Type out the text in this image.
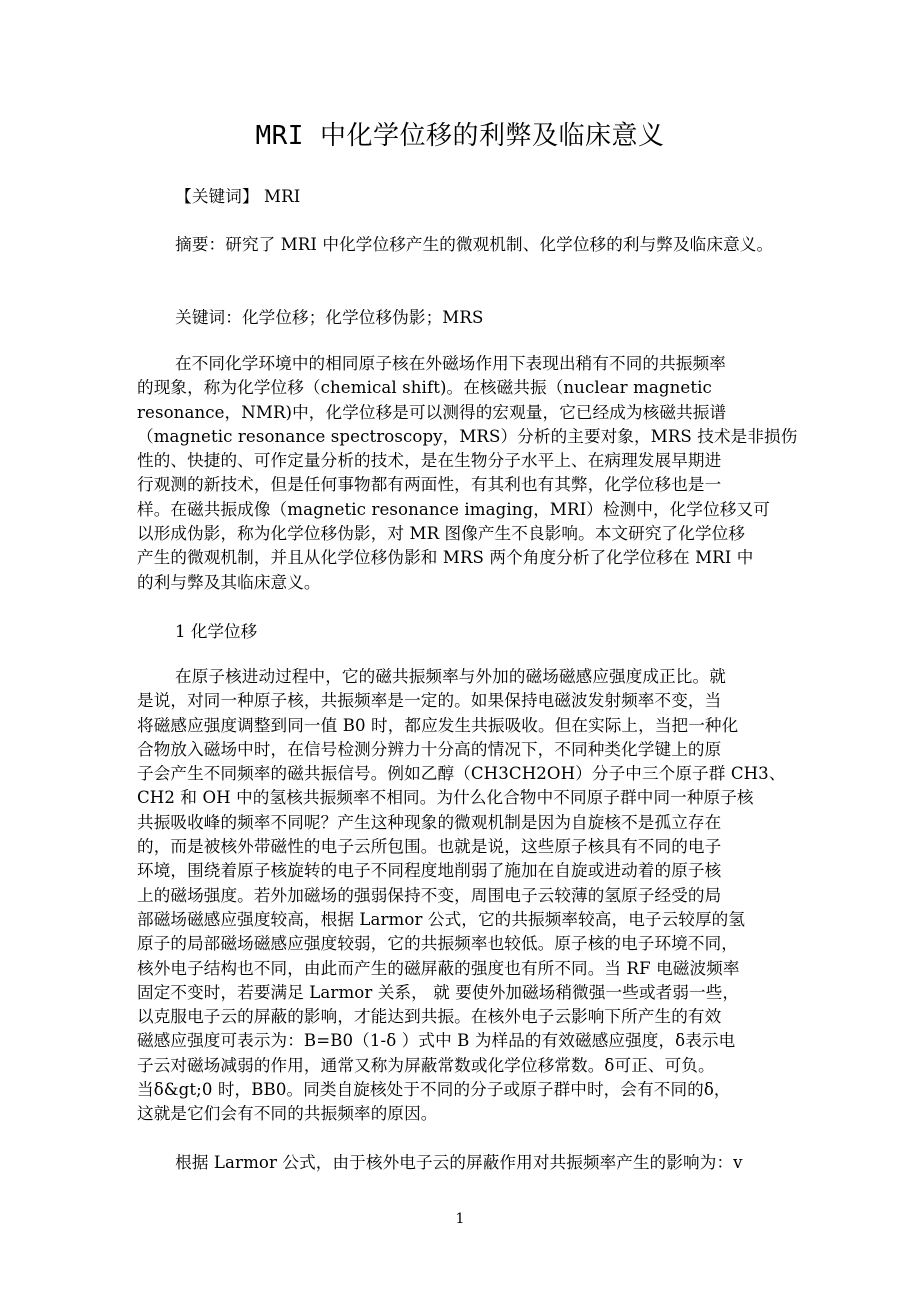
MRI 中化学位移的利弊及临床意义

【关键词】 MRI

摘要：研究了 MRI 中化学位移产生的微观机制、化学位移的利与弊及临床意义。

关键词：化学位移；化学位移伪影；MRS

在不同化学环境中的相同原子核在外磁场作用下表现出稍有不同的共振频率
的现象，称为化学位移（chemical shift)。在核磁共振（nuclear magnetic
resonance，NMR)中，化学位移是可以测得的宏观量，它已经成为核磁共振谱
（magnetic resonance spectroscopy，MRS）分析的主要对象，MRS 技术是非损伤
性的、快捷的、可作定量分析的技术，是在生物分子水平上、在病理发展早期进
行观测的新技术，但是任何事物都有两面性，有其利也有其弊，化学位移也是一
样。在磁共振成像（magnetic resonance imaging，MRI）检测中，化学位移又可
以形成伪影，称为化学位移伪影，对 MR 图像产生不良影响。本文研究了化学位移
产生的微观机制，并且从化学位移伪影和 MRS 两个角度分析了化学位移在 MRI 中
的利与弊及其临床意义。
1 化学位移
在原子核进动过程中，它的磁共振频率与外加的磁场磁感应强度成正比。就
是说，对同一种原子核，共振频率是一定的。如果保持电磁波发射频率不变，当
将磁感应强度调整到同一值 B0 时，都应发生共振吸收。但在实际上，当把一种化
合物放入磁场中时，在信号检测分辨力十分高的情况下，不同种类化学键上的原
子会产生不同频率的磁共振信号。例如乙醇（CH3CH2OH）分子中三个原子群 CH3、
CH2 和 OH 中的氢核共振频率不相同。为什么化合物中不同原子群中同一种原子核
共振吸收峰的频率不同呢？产生这种现象的微观机制是因为自旋核不是孤立存在
的，而是被核外带磁性的电子云所包围。也就是说，这些原子核具有不同的电子
环境，围绕着原子核旋转的电子不同程度地削弱了施加在自旋或进动着的原子核
上的磁场强度。若外加磁场的强弱保持不变，周围电子云较薄的氢原子经受的局
部磁场磁感应强度较高，根据 Larmor 公式，它的共振频率较高，电子云较厚的氢
原子的局部磁场磁感应强度较弱，它的共振频率也较低。原子核的电子环境不同，
核外电子结构也不同，由此而产生的磁屏蔽的强度也有所不同。当 RF 电磁波频率
固定不变时，若要满足 Larmor 关系， 就 要使外加磁场稍微强一些或者弱一些，
以克服电子云的屏蔽的影响，才能达到共振。在核外电子云影响下所产生的有效
磁感应强度可表示为：B=B0（1-δ ）式中 B 为样品的有效磁感应强度，δ表示电
子云对磁场减弱的作用，通常又称为屏蔽常数或化学位移常数。δ可正、可负。
当δ&gt;0 时，BB0。同类自旋核处于不同的分子或原子群中时，会有不同的δ，
这就是它们会有不同的共振频率的原因。

根据 Larmor 公式，由于核外电子云的屏蔽作用对共振频率产生的影响为：v

1
